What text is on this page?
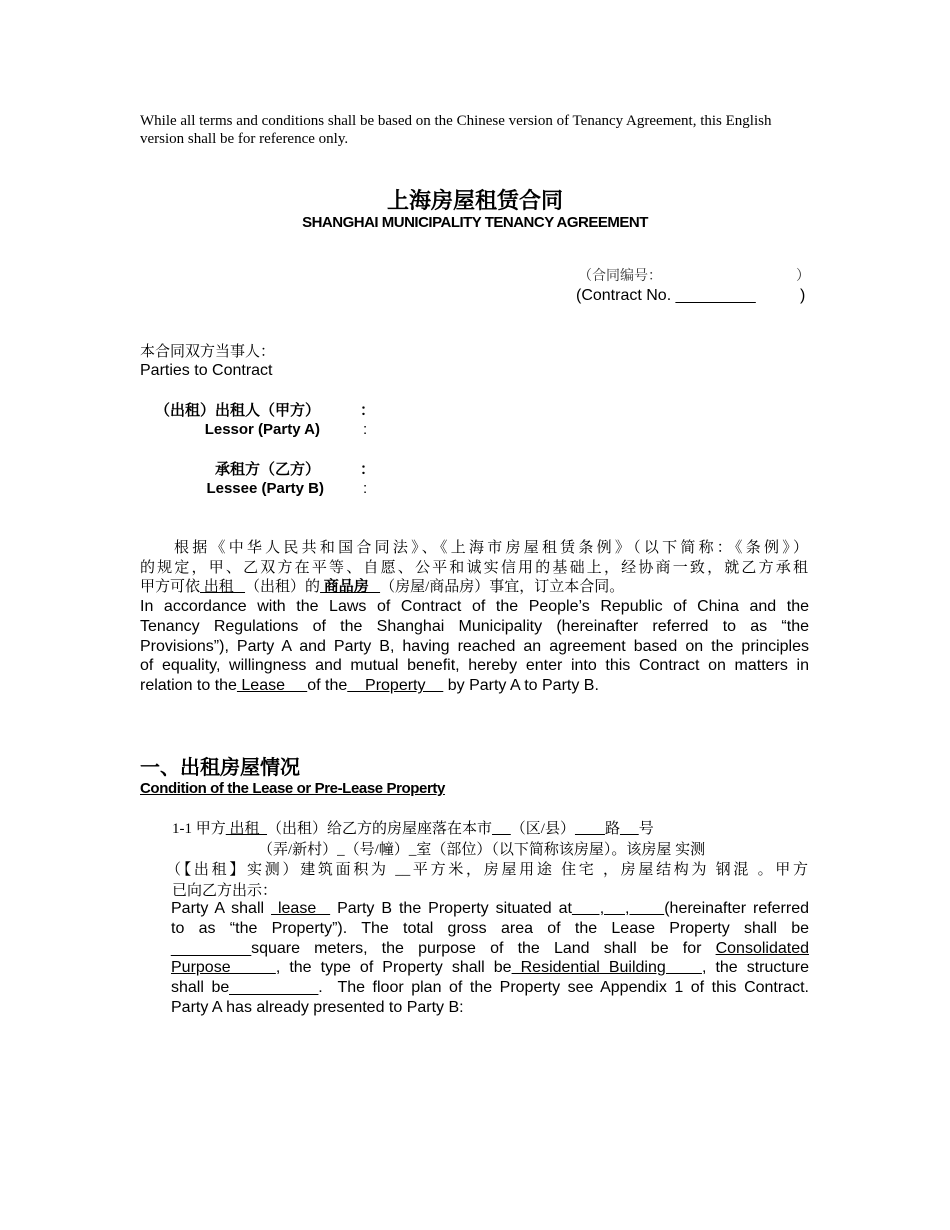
While all terms and conditions shall be based on the Chinese version of Tenancy Agreement, this English
version shall be for reference only.
上海房屋租赁合同
SHANGHAI MUNICIPALITY TENANCY AGREEMENT
（合同编号：	）
(Contract No. _________	)
本合同双方当事人：
Parties to Contract
（出租）出租人（甲方）	：
Lessor (Party A)	:
承租方（乙方）	：
Lessee (Party B)	:
根据《中华人民共和国合同法》、《上海市房屋租赁条例》（以下简称：《条例》）
的规定，甲、乙双方在平等、自愿、公平和诚实信用的基础上，经协商一致，就乙方承租
甲方可依 出租   （出租）的 商品房   （房屋/商品房）事宜，订立本合同。
In accordance with the Laws of Contract of the People’s Republic of China and the
Tenancy Regulations of the Shanghai Municipality (hereinafter referred to as “the
Provisions”), Party A and Party B, having reached an agreement based on the principles
of equality, willingness and mutual benefit, hereby enter into this Contract on matters in
relation to the Lease     of the    Property     by Party A to Party B.
一、出租房屋情况
Condition of the Lease or Pre-Lease Property
1-1 甲方 出租  （出租）给乙方的房屋座落在本市 （区/县） 路 号
（弄/新村）_（号/幢）_室（部位）（以下简称该房屋）。该房屋 实测
（【出租】实测）建筑面积为 __平方米，房屋用途 住宅 ，房屋结构为 钢混 。甲方
已向乙方出示：
Party A shall  lease   Party B the Property situated at    ,   ,     (hereinafter referred
to as “the Property”). The total gross area of the Lease Property shall be
_________square meters, the purpose of the Land shall be for Consolidated
Purpose     , the type of Property shall be Residential Building    , the structure
shall be__________.  The floor plan of the Property see Appendix 1 of this Contract.
Party A has already presented to Party B:
